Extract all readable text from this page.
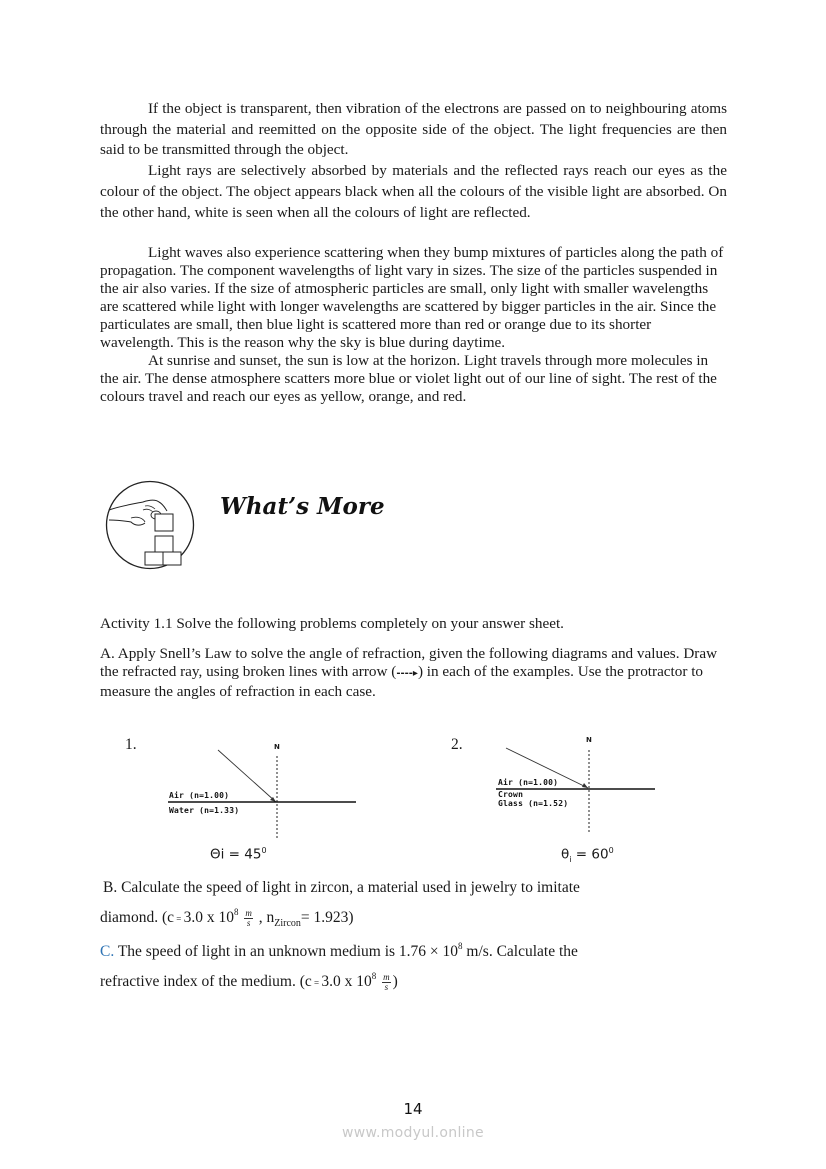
If the object is transparent, then vibration of the electrons are passed on to neighbouring atoms through the material and reemitted on the opposite side of the object. The light frequencies are then said to be transmitted through the object.

Light rays are selectively absorbed by materials and the reflected rays reach our eyes as the colour of the object. The object appears black when all the colours of the visible light are absorbed. On the other hand, white is seen when all the colours of light are reflected.

Light waves also experience scattering when they bump mixtures of particles along the path of propagation. The component wavelengths of light vary in sizes. The size of the particles suspended in the air also varies. If the size of atmospheric particles are small, only light with smaller wavelengths are scattered while light with longer wavelengths are scattered by bigger particles in the air. Since the particulates are small, then blue light is scattered more than red or orange due to its shorter wavelength. This is the reason why the sky is blue during daytime.

At sunrise and sunset, the sun is low at the horizon. Light travels through more molecules in the air. The dense atmosphere scatters more blue or violet light out of our line of sight. The rest of the colours travel and reach our eyes as yellow, orange, and red.

What’s More
Activity 1.1 Solve the following problems completely on your answer sheet.
A. Apply Snell’s Law to solve the angle of refraction, given the following diagrams and values. Draw the refracted ray, using broken lines with arrow (----▸) in each of the examples. Use the protractor to measure the angles of refraction in each case.
1.	N
Air (n=1.00)
Water (n=1.33)
$\Theta i = 45^0$
2.	N
Air (n=1.00)
Crown
Glass (n=1.52)
$\theta_i = 60^0$
B. Calculate the speed of light in zircon, a material used in jewelry to imitate
diamond. (c = 3.0 x $10^8 \frac{m}{s}$ , $n_{Zircon}= 1.923$)
C. The speed of light in an unknown medium is $1.76 \times 10^8$ m/s. Calculate the
refractive index of the medium. (c = 3.0 x $10^8 \frac{m}{s}$ )
14
www.modyul.online
